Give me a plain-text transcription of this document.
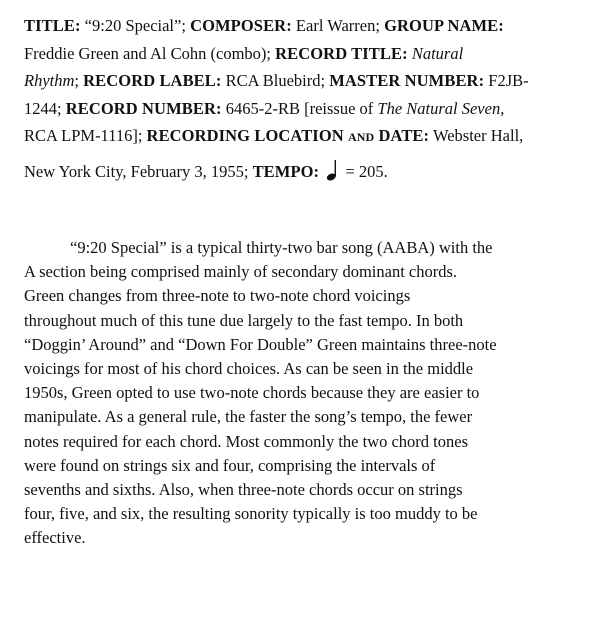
TITLE: “9:20 Special”; COMPOSER: Earl Warren; GROUP NAME:
Freddie Green and Al Cohn (combo); RECORD TITLE: Natural
Rhythm; RECORD LABEL: RCA Bluebird; MASTER NUMBER: F2JB-
1244; RECORD NUMBER: 6465-2-RB [reissue of The Natural Seven,
RCA LPM-1116]; RECORDING LOCATION and DATE: Webster Hall,
New York City, February 3, 1955; TEMPO: = 205.
“9:20 Special” is a typical thirty-two bar song (AABA) with the
A section being comprised mainly of secondary dominant chords.
Green changes from three-note to two-note chord voicings
throughout much of this tune due largely to the fast tempo. In both
“Doggin’ Around” and “Down For Double” Green maintains three-note
voicings for most of his chord choices. As can be seen in the middle
1950s, Green opted to use two-note chords because they are easier to
manipulate. As a general rule, the faster the song’s tempo, the fewer
notes required for each chord. Most commonly the two chord tones
were found on strings six and four, comprising the intervals of
sevenths and sixths. Also, when three-note chords occur on strings
four, five, and six, the resulting sonority typically is too muddy to be
effective.
